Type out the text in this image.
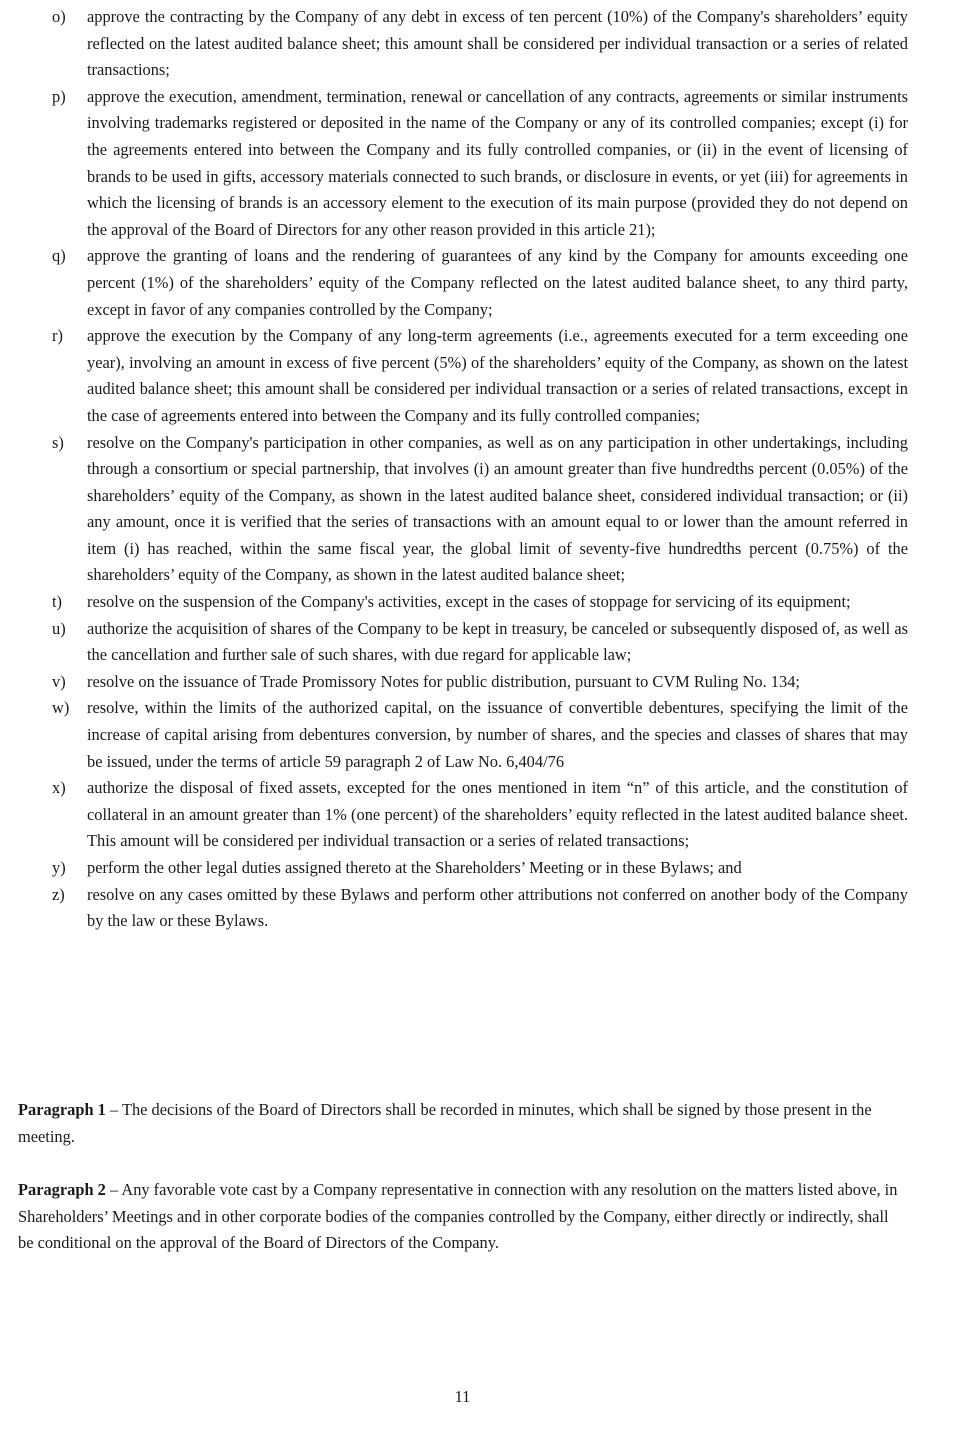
o) approve the contracting by the Company of any debt in excess of ten percent (10%) of the Company's shareholders’ equity reflected on the latest audited balance sheet; this amount shall be considered per individual transaction or a series of related transactions;
p) approve the execution, amendment, termination, renewal or cancellation of any contracts, agreements or similar instruments involving trademarks registered or deposited in the name of the Company or any of its controlled companies; except (i) for the agreements entered into between the Company and its fully controlled companies, or (ii) in the event of licensing of brands to be used in gifts, accessory materials connected to such brands, or disclosure in events, or yet (iii) for agreements in which the licensing of brands is an accessory element to the execution of its main purpose (provided they do not depend on the approval of the Board of Directors for any other reason provided in this article 21);
q) approve the granting of loans and the rendering of guarantees of any kind by the Company for amounts exceeding one percent (1%) of the shareholders’ equity of the Company reflected on the latest audited balance sheet, to any third party, except in favor of any companies controlled by the Company;
r) approve the execution by the Company of any long-term agreements (i.e., agreements executed for a term exceeding one year), involving an amount in excess of five percent (5%) of the shareholders’ equity of the Company, as shown on the latest audited balance sheet; this amount shall be considered per individual transaction or a series of related transactions, except in the case of agreements entered into between the Company and its fully controlled companies;
s) resolve on the Company's participation in other companies, as well as on any participation in other undertakings, including through a consortium or special partnership, that involves (i) an amount greater than five hundredths percent (0.05%) of the shareholders’ equity of the Company, as shown in the latest audited balance sheet, considered individual transaction; or (ii) any amount, once it is verified that the series of transactions with an amount equal to or lower than the amount referred in item (i) has reached, within the same fiscal year, the global limit of seventy-five hundredths percent (0.75%) of the shareholders’ equity of the Company, as shown in the latest audited balance sheet;
t) resolve on the suspension of the Company's activities, except in the cases of stoppage for servicing of its equipment;
u) authorize the acquisition of shares of the Company to be kept in treasury, be canceled or subsequently disposed of, as well as the cancellation and further sale of such shares, with due regard for applicable law;
v) resolve on the issuance of Trade Promissory Notes for public distribution, pursuant to CVM Ruling No. 134;
w) resolve, within the limits of the authorized capital, on the issuance of convertible debentures, specifying the limit of the increase of capital arising from debentures conversion, by number of shares, and the species and classes of shares that may be issued, under the terms of article 59 paragraph 2 of Law No. 6,404/76
x) authorize the disposal of fixed assets, excepted for the ones mentioned in item “n” of this article, and the constitution of collateral in an amount greater than 1% (one percent) of the shareholders’ equity reflected in the latest audited balance sheet. This amount will be considered per individual transaction or a series of related transactions;
y) perform the other legal duties assigned thereto at the Shareholders’ Meeting or in these Bylaws; and
z) resolve on any cases omitted by these Bylaws and perform other attributions not conferred on another body of the Company by the law or these Bylaws.
Paragraph 1 – The decisions of the Board of Directors shall be recorded in minutes, which shall be signed by those present in the meeting.
Paragraph 2 – Any favorable vote cast by a Company representative in connection with any resolution on the matters listed above, in Shareholders’ Meetings and in other corporate bodies of the companies controlled by the Company, either directly or indirectly, shall be conditional on the approval of the Board of Directors of the Company.
11
